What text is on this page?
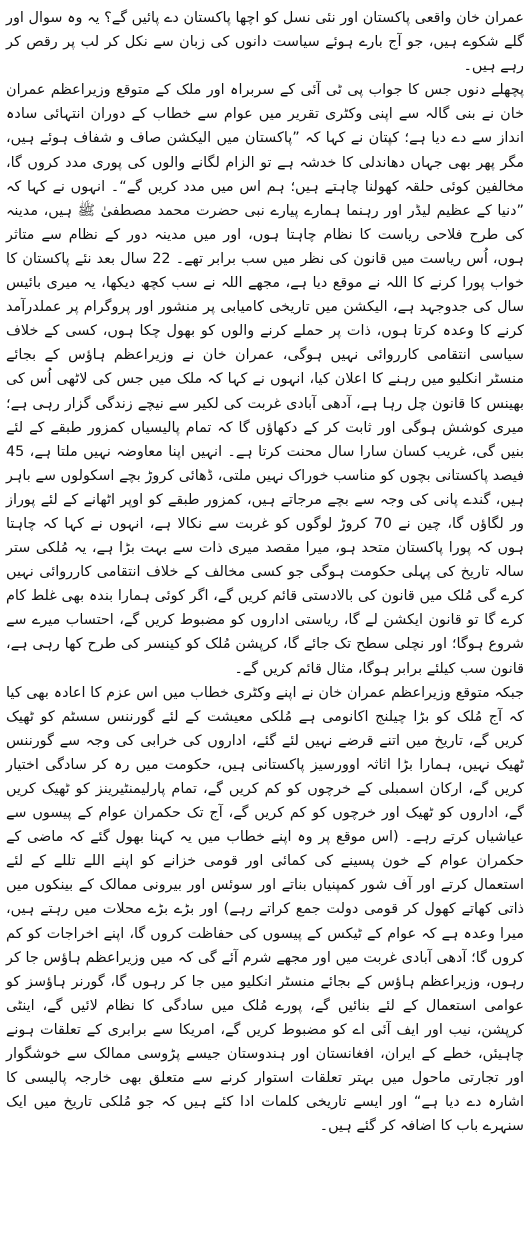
عمران خان واقعی پاکستان اور نئی نسل کو اچھا پاکستان دے پائیں گے؟ یہ وہ سوال اور گلے شکوے ہیں، جو آج بارے ہوئے سیاست دانوں کی زبان سے نکل کر لب پر رقص کر رہے ہیں۔

پچھلے دنوں جس کا جواب پی ٹی آئی کے سربراہ اور ملک کے متوقع وزیراعظم عمران خان نے بنی گالہ سے اپنی وکٹری تقریر میں عوام سے خطاب کے دوران انتہائی سادہ انداز سے دے دیا ہے؛ کپتان نے کہا کہ ”پاکستان میں الیکشن صاف و شفاف ہوئے ہیں، مگر پھر بھی جہاں دھاندلی کا خدشہ ہے تو الزام لگانے والوں کی پوری مدد کروں گا، مخالفین کوئی حلقہ کھولنا چاہتے ہیں؛ ہم اس میں مدد کریں گے“۔ انہوں نے کہا کہ ”دنیا کے عظیم لیڈر اور رہنما ہمارے پیارے نبی حضرت محمد مصطفیٰ ﷺ ہیں، مدینہ کی طرح فلاحی ریاست کا نظام چاہتا ہوں، اور میں مدینہ دور کے نظام سے متاثر ہوں، اُس ریاست میں قانون کی نظر میں سب برابر تھے۔ 22 سال بعد نئے پاکستان کا خواب پورا کرنے کا اللہ نے موقع دیا ہے، مجھے اللہ نے سب کچھ دیکھا، یہ میری بائیس سال کی جدوجہد ہے، الیکشن میں تاریخی کامیابی پر منشور اور پروگرام پر عملدرآمد کرنے کا وعدہ کرتا ہوں، ذات پر حملے کرنے والوں کو بھول چکا ہوں، کسی کے خلاف سیاسی انتقامی کارروائی نہیں ہوگی، عمران خان نے وزیراعظم ہاؤس کے بجائے منسٹر انکلیو میں رہنے کا اعلان کیا، انہوں نے کہا کہ ملک میں جس کی لاٹھی اُس کی بھینس کا قانون چل رہا ہے، آدھی آبادی غربت کی لکیر سے نیچے زندگی گزار رہی ہے؛ میری کوشش ہوگی اور ثابت کر کے دکھاؤں گا کہ تمام پالیسیاں کمزور طبقے کے لئے بنیں گی، غریب کسان سارا سال محنت کرتا ہے۔ انہیں اپنا معاوضہ نہیں ملتا ہے، 45 فیصد پاکستانی بچوں کو مناسب خوراک نہیں ملتی، ڈھائی کروڑ بچے اسکولوں سے باہر ہیں، گندے پانی کی وجہ سے بچے مرجاتے ہیں، کمزور طبقے کو اوپر اٹھانے کے لئے پوراز ور لگاؤں گا، چین نے 70 کروڑ لوگوں کو غربت سے نکالا ہے، انہوں نے کہا کہ چاہتا ہوں کہ پورا پاکستان متحد ہو، میرا مقصد میری ذات سے بہت بڑا ہے، یہ مُلکی ستر سالہ تاریخ کی پہلی حکومت ہوگی جو کسی مخالف کے خلاف انتقامی کارروائی نہیں کرے گی مُلک میں قانون کی بالادستی قائم کریں گے، اگر کوئی ہمارا بندہ بھی غلط کام کرے گا تو قانون ایکشن لے گا، ریاستی اداروں کو مضبوط کریں گے، احتساب میرے سے شروع ہوگا؛ اور نچلی سطح تک جائے گا، کرپشن مُلک کو کینسر کی طرح کھا رہی ہے، قانون سب کیلئے برابر ہوگا، مثال قائم کریں گے۔

جبکہ متوقع وزیراعظم عمران خان نے اپنے وکٹری خطاب میں اس عزم کا اعادہ بھی کیا کہ آج مُلک کو بڑا چیلنج اکانومی ہے مُلکی معیشت کے لئے گورننس سسٹم کو ٹھیک کریں گے، تاریخ میں اتنے قرضے نہیں لئے گئے، اداروں کی خرابی کی وجہ سے گورننس ٹھیک نہیں، ہمارا بڑا اثاثہ اوورسیز پاکستانی ہیں، حکومت میں رہ کر سادگی اختیار کریں گے، ارکان اسمبلی کے خرچوں کو کم کریں گے، تمام پارلیمنٹیرینز کو ٹھیک کریں گے، اداروں کو ٹھیک اور خرچوں کو کم کریں گے، آج تک حکمران عوام کے پیسوں سے عیاشیاں کرتے رہے۔ (اس موقع پر وہ اپنے خطاب میں یہ کہنا بھول گئے کہ ماضی کے حکمران عوام کے خون پسینے کی کمائی اور قومی خزانے کو اپنے اللے تللے کے لئے استعمال کرتے اور آف شور کمپنیاں بناتے اور سوئس اور بیرونی ممالک کے بینکوں میں ذاتی کھاتے کھول کر قومی دولت جمع کراتے رہے) اور بڑے بڑے محلات میں رہتے ہیں، میرا وعدہ ہے کہ عوام کے ٹیکس کے پیسوں کی حفاظت کروں گا، اپنے اخراجات کو کم کروں گا؛ آدھی آبادی غربت میں اور مجھے شرم آئے گی کہ میں وزیراعظم ہاؤس جا کر رہوں، وزیراعظم ہاؤس کے بجائے منسٹر انکلیو میں جا کر رہوں گا، گورنر ہاؤسز کو عوامی استعمال کے لئے بنائیں گے، پورے مُلک میں سادگی کا نظام لائیں گے، اینٹی کرپشن، نیب اور ایف آئی اے کو مضبوط کریں گے، امریکا سے برابری کے تعلقات ہونے چاہیئں، خطے کے ایران، افغانستان اور ہندوستان جیسے پڑوسی ممالک سے خوشگوار اور تجارتی ماحول میں بہتر تعلقات استوار کرنے سے متعلق بھی خارجہ پالیسی کا اشارہ دے دیا ہے“ اور ایسے تاریخی کلمات ادا کئے ہیں کہ جو مُلکی تاریخ میں ایک سنہرے باب کا اضافہ کر گئے ہیں۔
